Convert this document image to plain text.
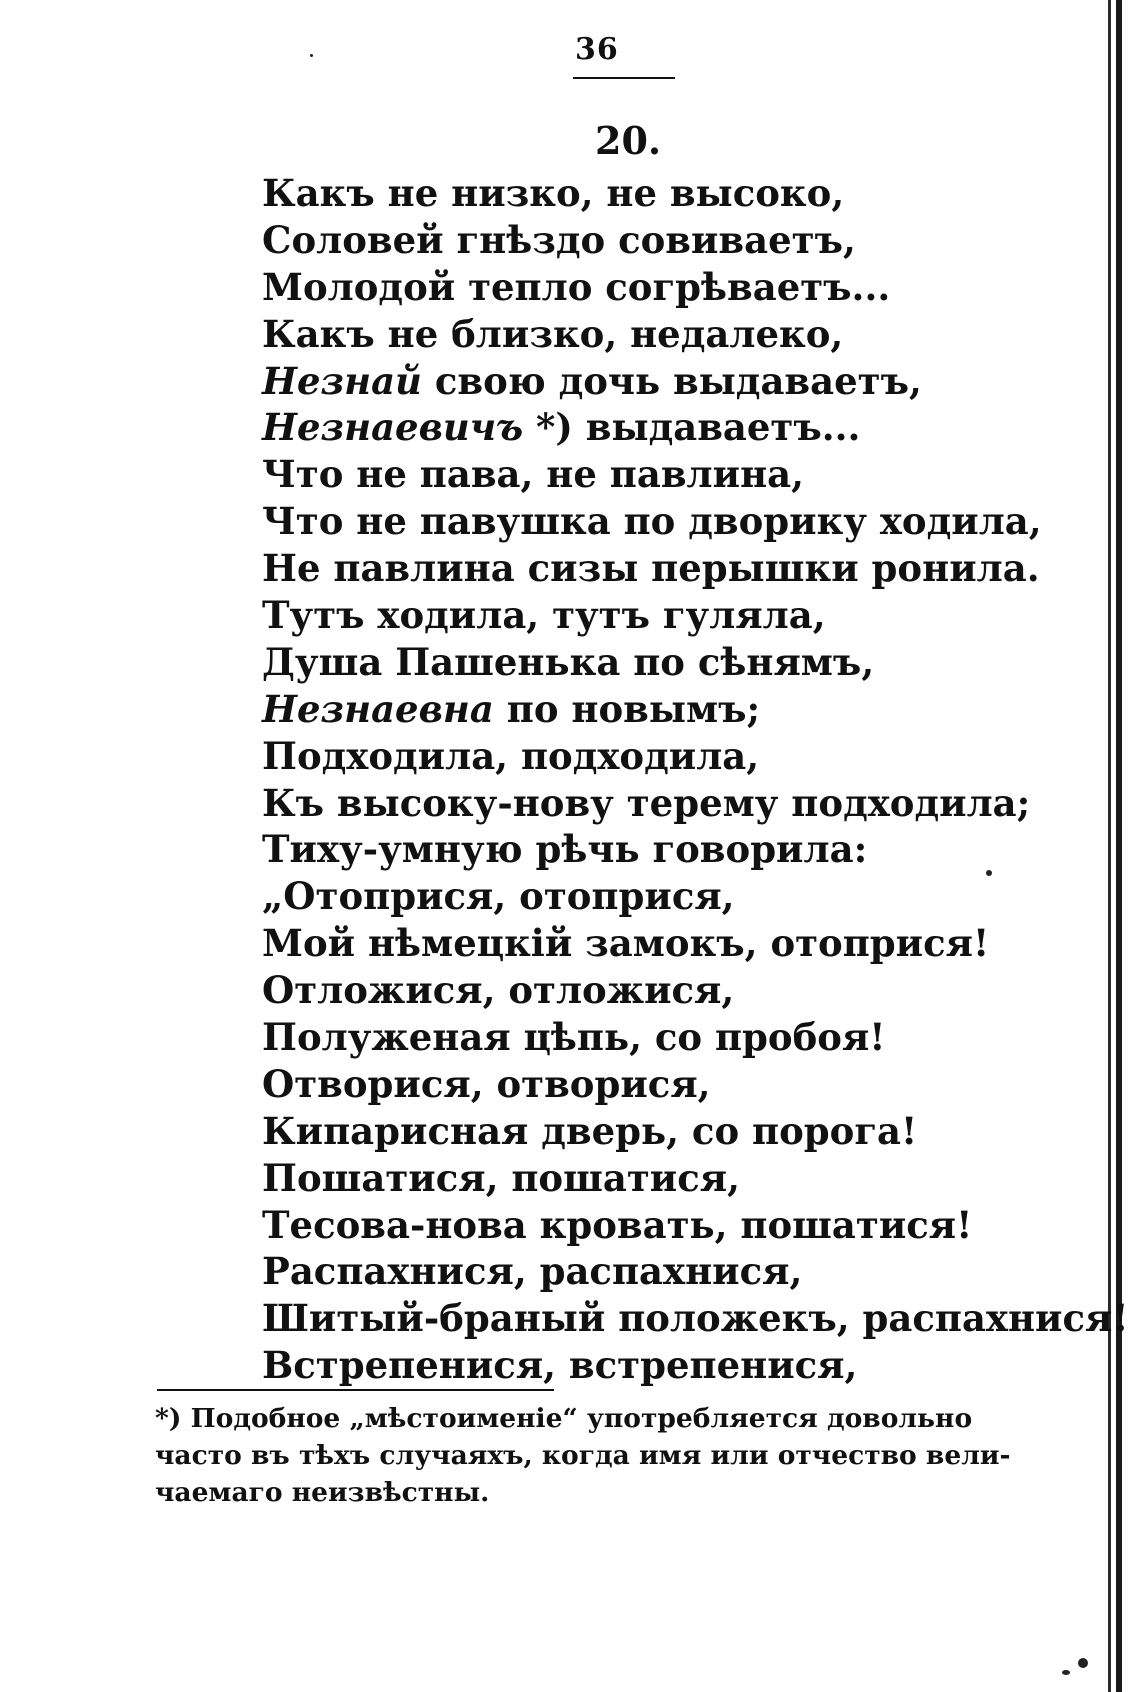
36
20.
Какъ не низко, не высоко,
Соловей гнѣздо совиваетъ,
Молодой тепло согрѣваетъ...
Какъ не близко, недалеко,
Незнай свою дочь выдаваетъ,
Незнаевичъ *) выдаваетъ...
Что не пава, не павлина,
Что не павушка по дворику ходила,
Не павлина сизы перышки ронила.
Тутъ ходила, тутъ гуляла,
Душа Пашенька по сѣнямъ,
Незнаевна по новымъ;
Подходила, подходила,
Къ высоку-нову терему подходила;
Тиху-умную рѣчь говорила:
„Отоприся, отоприся,
Мой нѣмецкій замокъ, отоприся!
Отложися, отложися,
Полуженая цѣпь, со пробоя!
Отворися, отворися,
Кипарисная дверь, со порога!
Пошатися, пошатися,
Тесова-нова кровать, пошатися!
Распахнися, распахнися,
Шитый-браный положекъ, распахнися!
Встрепенися, встрепенися,
*) Подобное „мѣстоименіе“ употребляется довольно
часто въ тѣхъ случаяхъ, когда имя или отчество вели-
чаемаго неизвѣстны.
